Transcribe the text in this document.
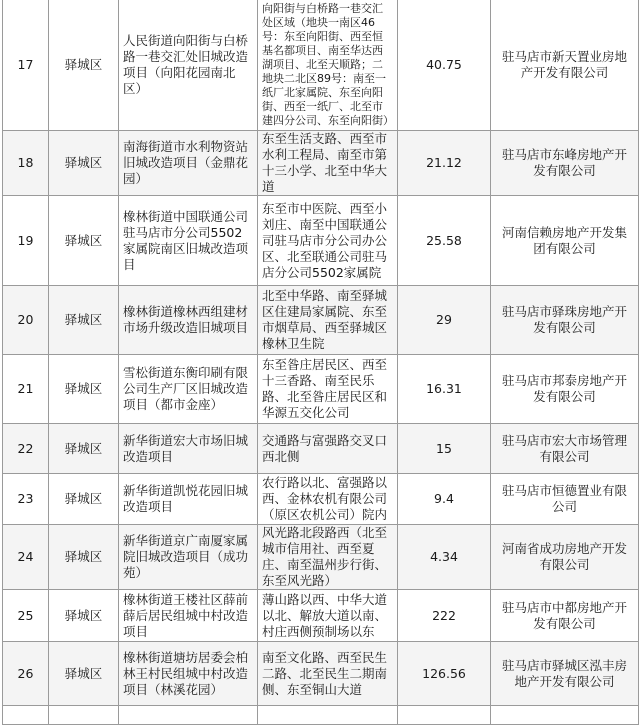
17	驿城区	人民街道向阳街与白桥路一巷交汇处旧城改造项目（向阳花园南北区）	向阳街与白桥路一巷交汇处区域（地块一南区46号：东至向阳街、西至恒基名都项目、南至华达西湖项目、北至天顺路；二地块二北区89号：南至一纸厂北家属院、东至向阳街、西至一纸厂、北至市建四分公司、东至向阳街）	40.75	驻马店市新天置业房地产开发有限公司
18	驿城区	南海街道市水利物资站旧城改造项目（金鼎花园）	东至生活支路、西至市水利工程局、南至市第十三小学、北至中华大道	21.12	驻马店市东峰房地产开发有限公司
19	驿城区	橡林街道中国联通公司驻马店市分公司5502家属院南区旧城改造项目	东至市中医院、西至小刘庄、南至中国联通公司驻马店市分公司办公区、北至联通公司驻马店分公司5502家属院	25.58	河南信赖房地产开发集团有限公司
20	驿城区	橡林街道橡林西组建材市场升级改造旧城项目	北至中华路、南至驿城区住建局家属院、东至市烟草局、西至驿城区橡林卫生院	29	驻马店市驿珠房地产开发有限公司
21	驿城区	雪松街道东衡印刷有限公司生产厂区旧城改造项目（都市金座）	东至昝庄居民区、西至十三香路、南至民乐路、北至昝庄居民区和华源五交化公司	16.31	驻马店市邦泰房地产开发有限公司
22	驿城区	新华街道宏大市场旧城改造项目	交通路与富强路交叉口西北侧	15	驻马店市宏大市场管理有限公司
23	驿城区	新华街道凯悦花园旧城改造项目	农行路以北、富强路以西、金林农机有限公司（原区农机公司）院内	9.4	驻马店市恒德置业有限公司
24	驿城区	新华街道京广南厦家属院旧城改造项目（成功苑）	风光路北段路西（北至城市信用社、西至夏庄、南至温州步行街、东至风光路）	4.34	河南省成功房地产开发有限公司
25	驿城区	橡林街道王楼社区薛前薛后居民组城中村改造项目	薄山路以西、中华大道以北、解放大道以南、村庄西侧预制场以东	222	驻马店市中都房地产开发有限公司
26	驿城区	橡林街道塘坊居委会柏林王村民组城中村改造项目（林溪花园）	南至文化路、西至民生二路、北至民生二期南侧、东至铜山大道	126.56	驻马店市驿城区泓丰房地产开发有限公司
